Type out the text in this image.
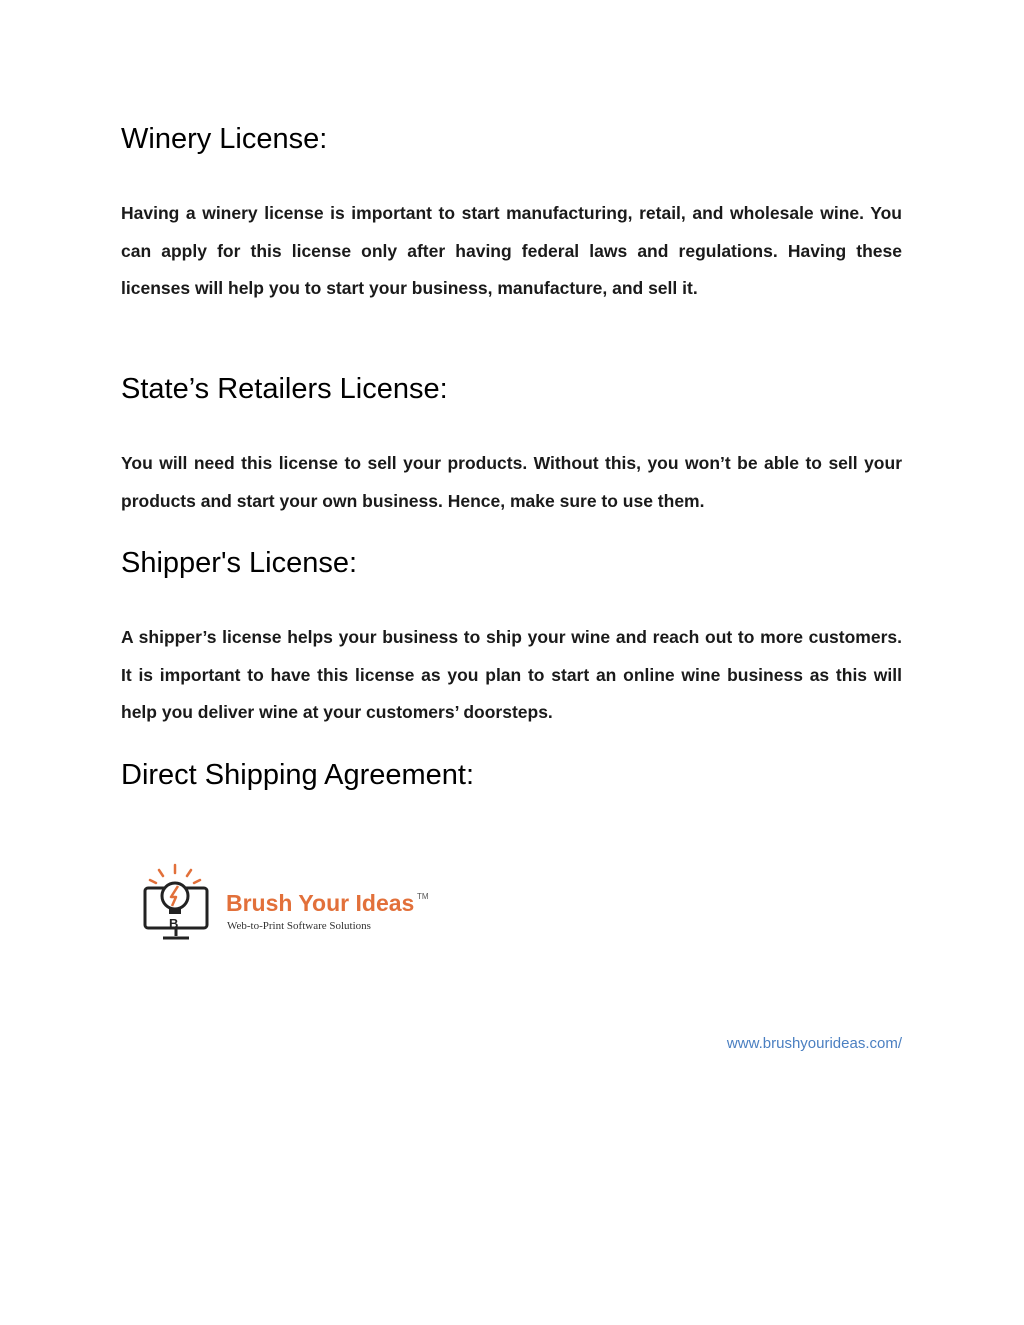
Winery License:

Having a winery license is important to start manufacturing, retail, and wholesale wine. You can apply for this license only after having federal laws and regulations. Having these licenses will help you to start your business, manufacture, and sell it.

State’s Retailers License:

You will need this license to sell your products. Without this, you won’t be able to sell your products and start your own business. Hence, make sure to use them.

Shipper's License:

A shipper’s license helps your business to ship your wine and reach out to more customers. It is important to have this license as you plan to start an online wine business as this will help you deliver wine at your customers’ doorsteps.

Direct Shipping Agreement:
B
Brush Your Ideas TM
Web-to-Print Software Solutions
www.brushyourideas.com/
